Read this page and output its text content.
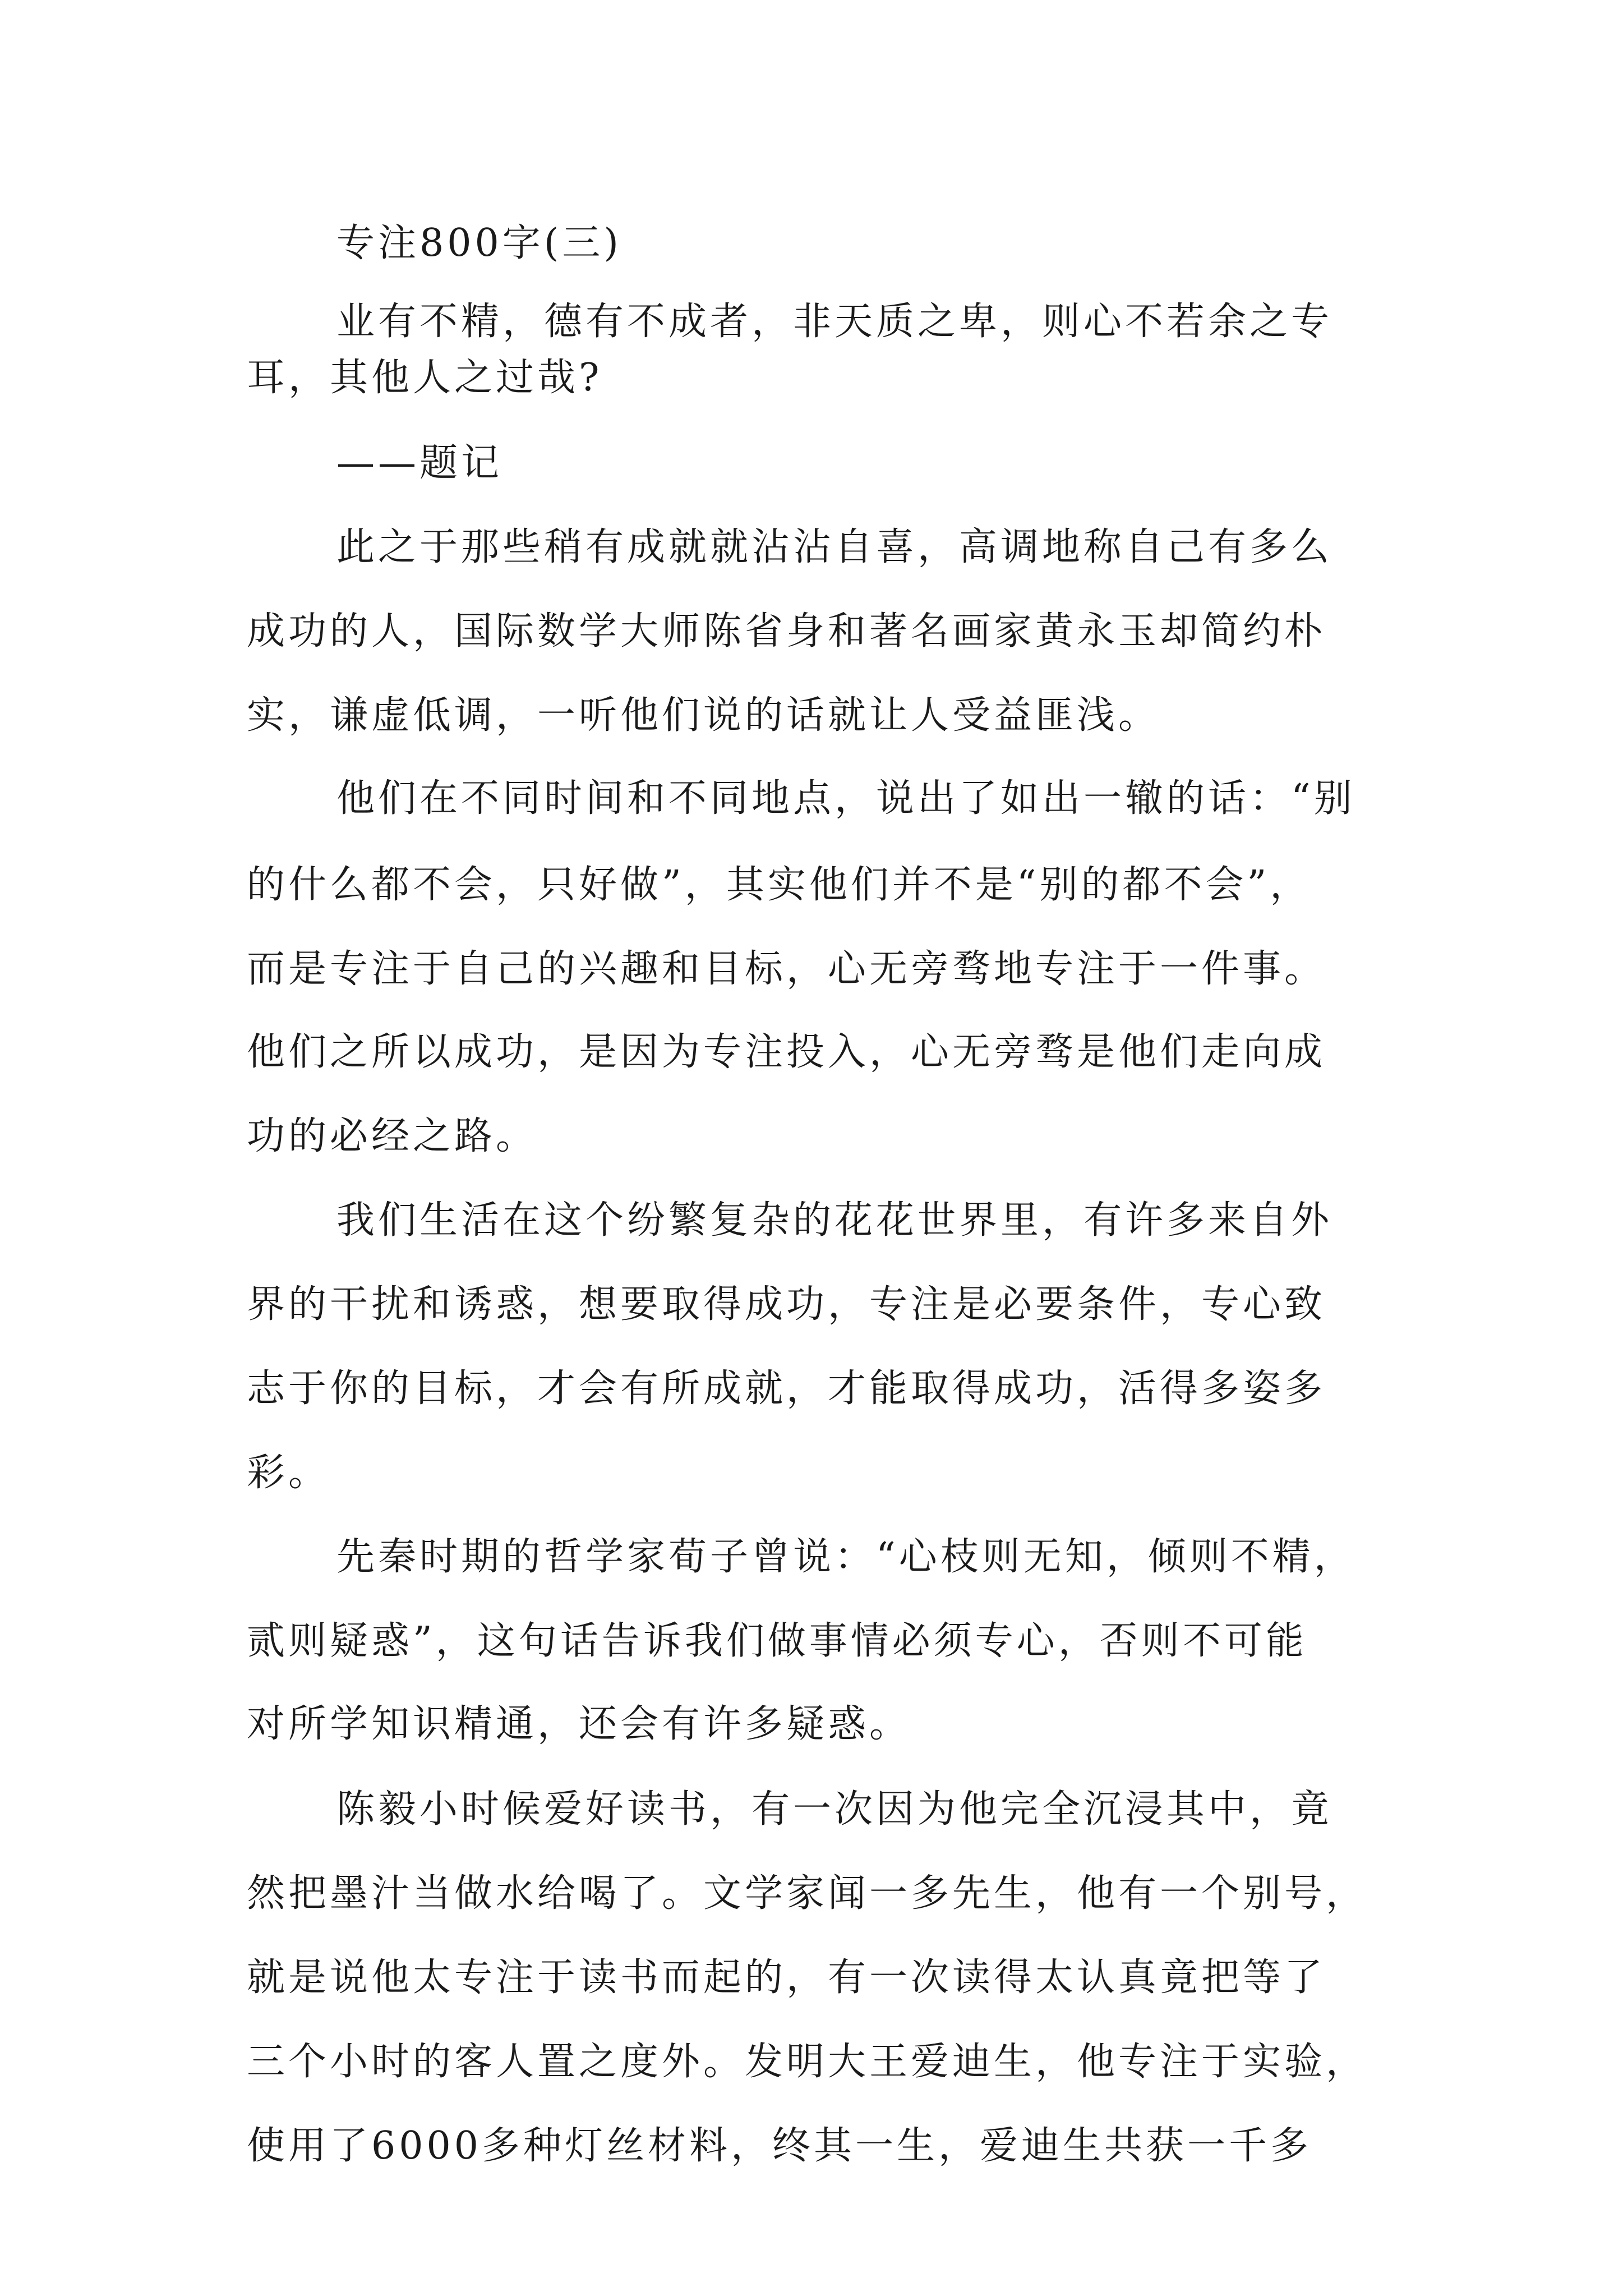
专注800字(三)
业有不精，德有不成者，非天质之卑，则心不若余之专
耳，其他人之过哉?
——题记
此之于那些稍有成就就沾沾自喜，高调地称自己有多么
成功的人，国际数学大师陈省身和著名画家黄永玉却简约朴
实，谦虚低调，一听他们说的话就让人受益匪浅。
他们在不同时间和不同地点，说出了如出一辙的话：“别
的什么都不会，只好做”，其实他们并不是“别的都不会”，
而是专注于自己的兴趣和目标，心无旁骛地专注于一件事。
他们之所以成功，是因为专注投入，心无旁骛是他们走向成
功的必经之路。
我们生活在这个纷繁复杂的花花世界里，有许多来自外
界的干扰和诱惑，想要取得成功，专注是必要条件，专心致
志于你的目标，才会有所成就，才能取得成功，活得多姿多
彩。
先秦时期的哲学家荀子曾说：“心枝则无知，倾则不精，
贰则疑惑”，这句话告诉我们做事情必须专心，否则不可能
对所学知识精通，还会有许多疑惑。
陈毅小时候爱好读书，有一次因为他完全沉浸其中，竟
然把墨汁当做水给喝了。文学家闻一多先生，他有一个别号，
就是说他太专注于读书而起的，有一次读得太认真竟把等了
三个小时的客人置之度外。发明大王爱迪生，他专注于实验，
使用了6000多种灯丝材料，终其一生，爱迪生共获一千多
